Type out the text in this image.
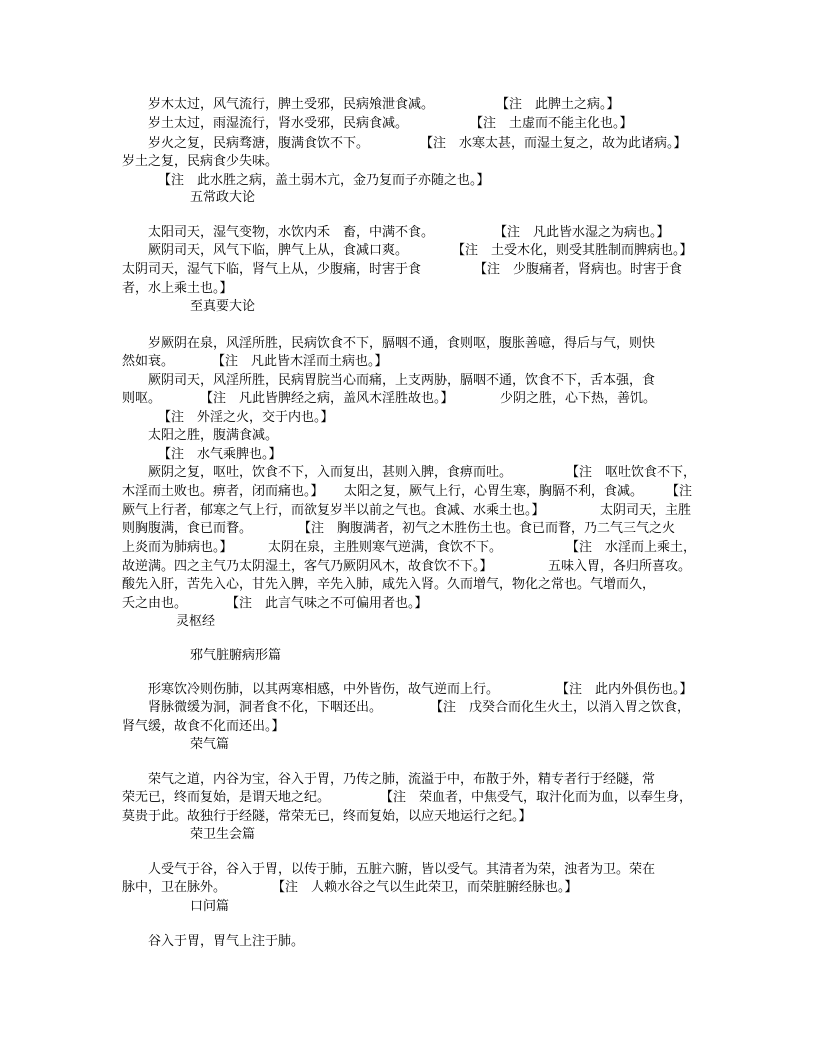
岁木太过，风气流行，脾土受邪，民病飧泄食减。	【注　此脾土之病。】
岁土太过，雨湿流行，肾水受邪，民病食减。	【注　土虚而不能主化也。】
岁火之复，民病骛溏，腹满食饮不下。	【注　水寒太甚，而湿土复之，故为此诸病。】
岁土之复，民病食少失味。
【注　此水胜之病，盖土弱木亢，金乃复而子亦随之也。】
五常政大论
太阳司天，湿气变物，水饮内禾　畜，中满不食。	【注　凡此皆水湿之为病也。】
厥阴司天，风气下临，脾气上从，食减口爽。	【注　土受木化，则受其胜制而脾病也。】
太阴司天，湿气下临，肾气上从，少腹痛，时害于食	【注　少腹痛者，肾病也。时害于食
者，水上乘土也。】
至真要大论
岁厥阴在泉，风淫所胜，民病饮食不下，膈咽不通，食则呕，腹胀善噫，得后与气，则快
然如衰。	【注　凡此皆木淫而土病也。】
厥阴司天，风淫所胜，民病胃脘当心而痛，上支两胁，膈咽不通，饮食不下，舌本强，食
则呕。	【注　凡此皆脾经之病，盖风木淫胜故也。】	少阴之胜，心下热，善饥。
【注　外淫之火，交于内也。】
太阳之胜，腹满食减。
【注　水气乘脾也。】
厥阴之复，呕吐，饮食不下，入而复出，甚则入脾，食痹而吐。	【注　呕吐饮食不下，
木淫而土败也。痹者，闭而痛也。】 太阳之复，厥气上行，心胃生寒，胸膈不利，食减。 【注
厥气上行者，郁寒之气上行，而欲复岁半以前之气也。食减、水乘土也。】	太阴司天，主胜
则胸腹满，食已而瞀。	【注　胸腹满者，初气之木胜伤土也。食已而瞀，乃二气三气之火
上炎而为肺病也。】	太阴在泉，主胜则寒气逆满，食饮不下。	【注　水淫而上乘土，
故逆满。四之主气乃太阴湿土，客气乃厥阴风木，故食饮不下。】	五味入胃，各归所喜攻。
酸先入肝，苦先入心，甘先入脾，辛先入肺，咸先入肾。久而增气，物化之常也。气增而久，
夭之由也。	【注　此言气味之不可偏用者也。】
灵枢经
邪气脏腑病形篇
形寒饮冷则伤肺，以其两寒相感，中外皆伤，故气逆而上行。	【注　此内外俱伤也。】
肾脉微缓为洞，洞者食不化，下咽还出。	【注　戊癸合而化生火土，以消入胃之饮食，
肾气缓，故食不化而还出。】
荣气篇
荣气之道，内谷为宝，谷入于胃，乃传之肺，流溢于中，布散于外，精专者行于经隧，常
荣无已，终而复始，是谓天地之纪。	【注　荣血者，中焦受气，取汁化而为血，以奉生身，
莫贵于此。故独行于经隧，常荣无已，终而复始，以应天地运行之纪。】
荣卫生会篇
人受气于谷，谷入于胃，以传于肺，五脏六腑，皆以受气。其清者为荣，浊者为卫。荣在
脉中，卫在脉外。	【注　人赖水谷之气以生此荣卫，而荣脏腑经脉也。】
口问篇
谷入于胃，胃气上注于肺。
